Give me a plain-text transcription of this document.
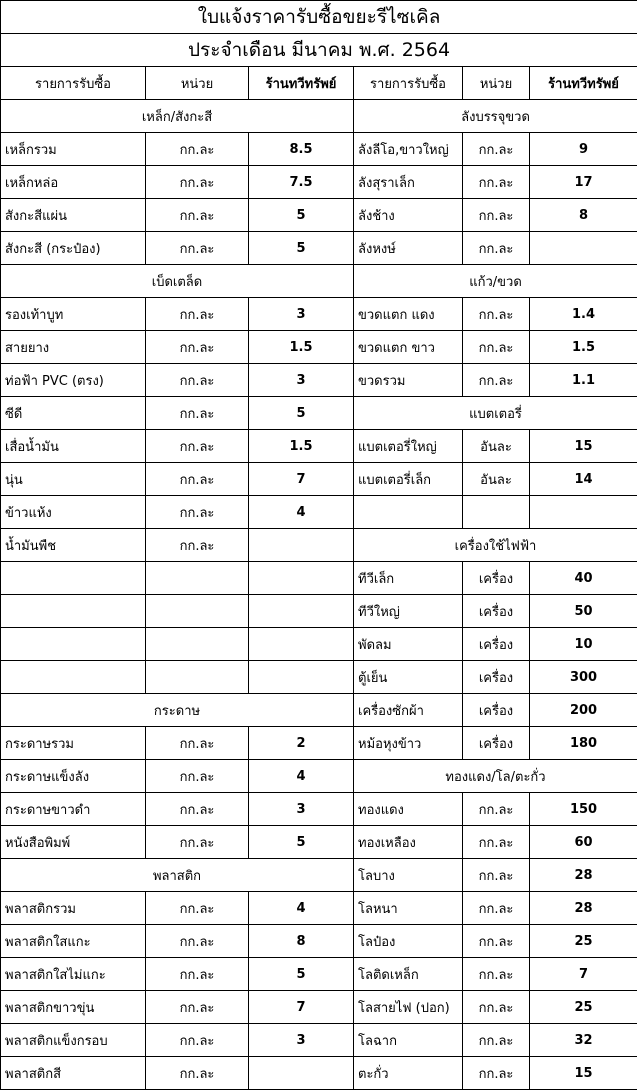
ใบแจ้งราคารับซื้อขยะรีไซเคิล					
ประจำเดือน มีนาคม พ.ศ. 2564					
รายการรับซื้อ	หน่วย	ร้านทวีทรัพย์	รายการรับซื้อ	หน่วย	ร้านทวีทรัพย์
เหล็ก/สังกะสี			ลังบรรจุขวด		
เหล็กรวม	กก.ละ	8.5	ลังลีโอ,ขาวใหญ่	กก.ละ	9
เหล็กหล่อ	กก.ละ	7.5	ลังสุราเล็ก	กก.ละ	17
สังกะสีแผ่น	กก.ละ	5	ลังช้าง	กก.ละ	8
สังกะสี (กระป๋อง)	กก.ละ	5	ลังหงษ์	กก.ละ	
เบ็ดเตล็ด			แก้ว/ขวด		
รองเท้าบูท	กก.ละ	3	ขวดแตก แดง	กก.ละ	1.4
สายยาง	กก.ละ	1.5	ขวดแตก ขาว	กก.ละ	1.5
ท่อฟ้า PVC (ตรง)	กก.ละ	3	ขวดรวม	กก.ละ	1.1
ซีดี	กก.ละ	5	แบตเตอรี่		
เสื่อน้ำมัน	กก.ละ	1.5	แบตเตอรี่ใหญ่	อันละ	15
นุ่น	กก.ละ	7	แบตเตอรี่เล็ก	อันละ	14
ข้าวแห้ง	กก.ละ	4			
น้ำมันพืช	กก.ละ		เครื่องใช้ไฟฟ้า		
			ทีวีเล็ก	เครื่อง	40
			ทีวีใหญ่	เครื่อง	50
			พัดลม	เครื่อง	10
			ตู้เย็น	เครื่อง	300
กระดาษ			เครื่องซักผ้า	เครื่อง	200
กระดาษรวม	กก.ละ	2	หม้อหุงข้าว	เครื่อง	180
กระดาษแข็งลัง	กก.ละ	4	ทองแดง/โล/ตะกั่ว		
กระดาษขาวดำ	กก.ละ	3	ทองแดง	กก.ละ	150
หนังสือพิมพ์	กก.ละ	5	ทองเหลือง	กก.ละ	60
พลาสติก			โลบาง	กก.ละ	28
พลาสติกรวม	กก.ละ	4	โลหนา	กก.ละ	28
พลาสติกใสแกะ	กก.ละ	8	โลป๋อง	กก.ละ	25
พลาสติกใสไม่แกะ	กก.ละ	5	โลติดเหล็ก	กก.ละ	7
พลาสติกขาวขุ่น	กก.ละ	7	โลสายไฟ (ปอก)	กก.ละ	25
พลาสติกแข็งกรอบ	กก.ละ	3	โลฉาก	กก.ละ	32
พลาสติกสี	กก.ละ		ตะกั่ว	กก.ละ	15
